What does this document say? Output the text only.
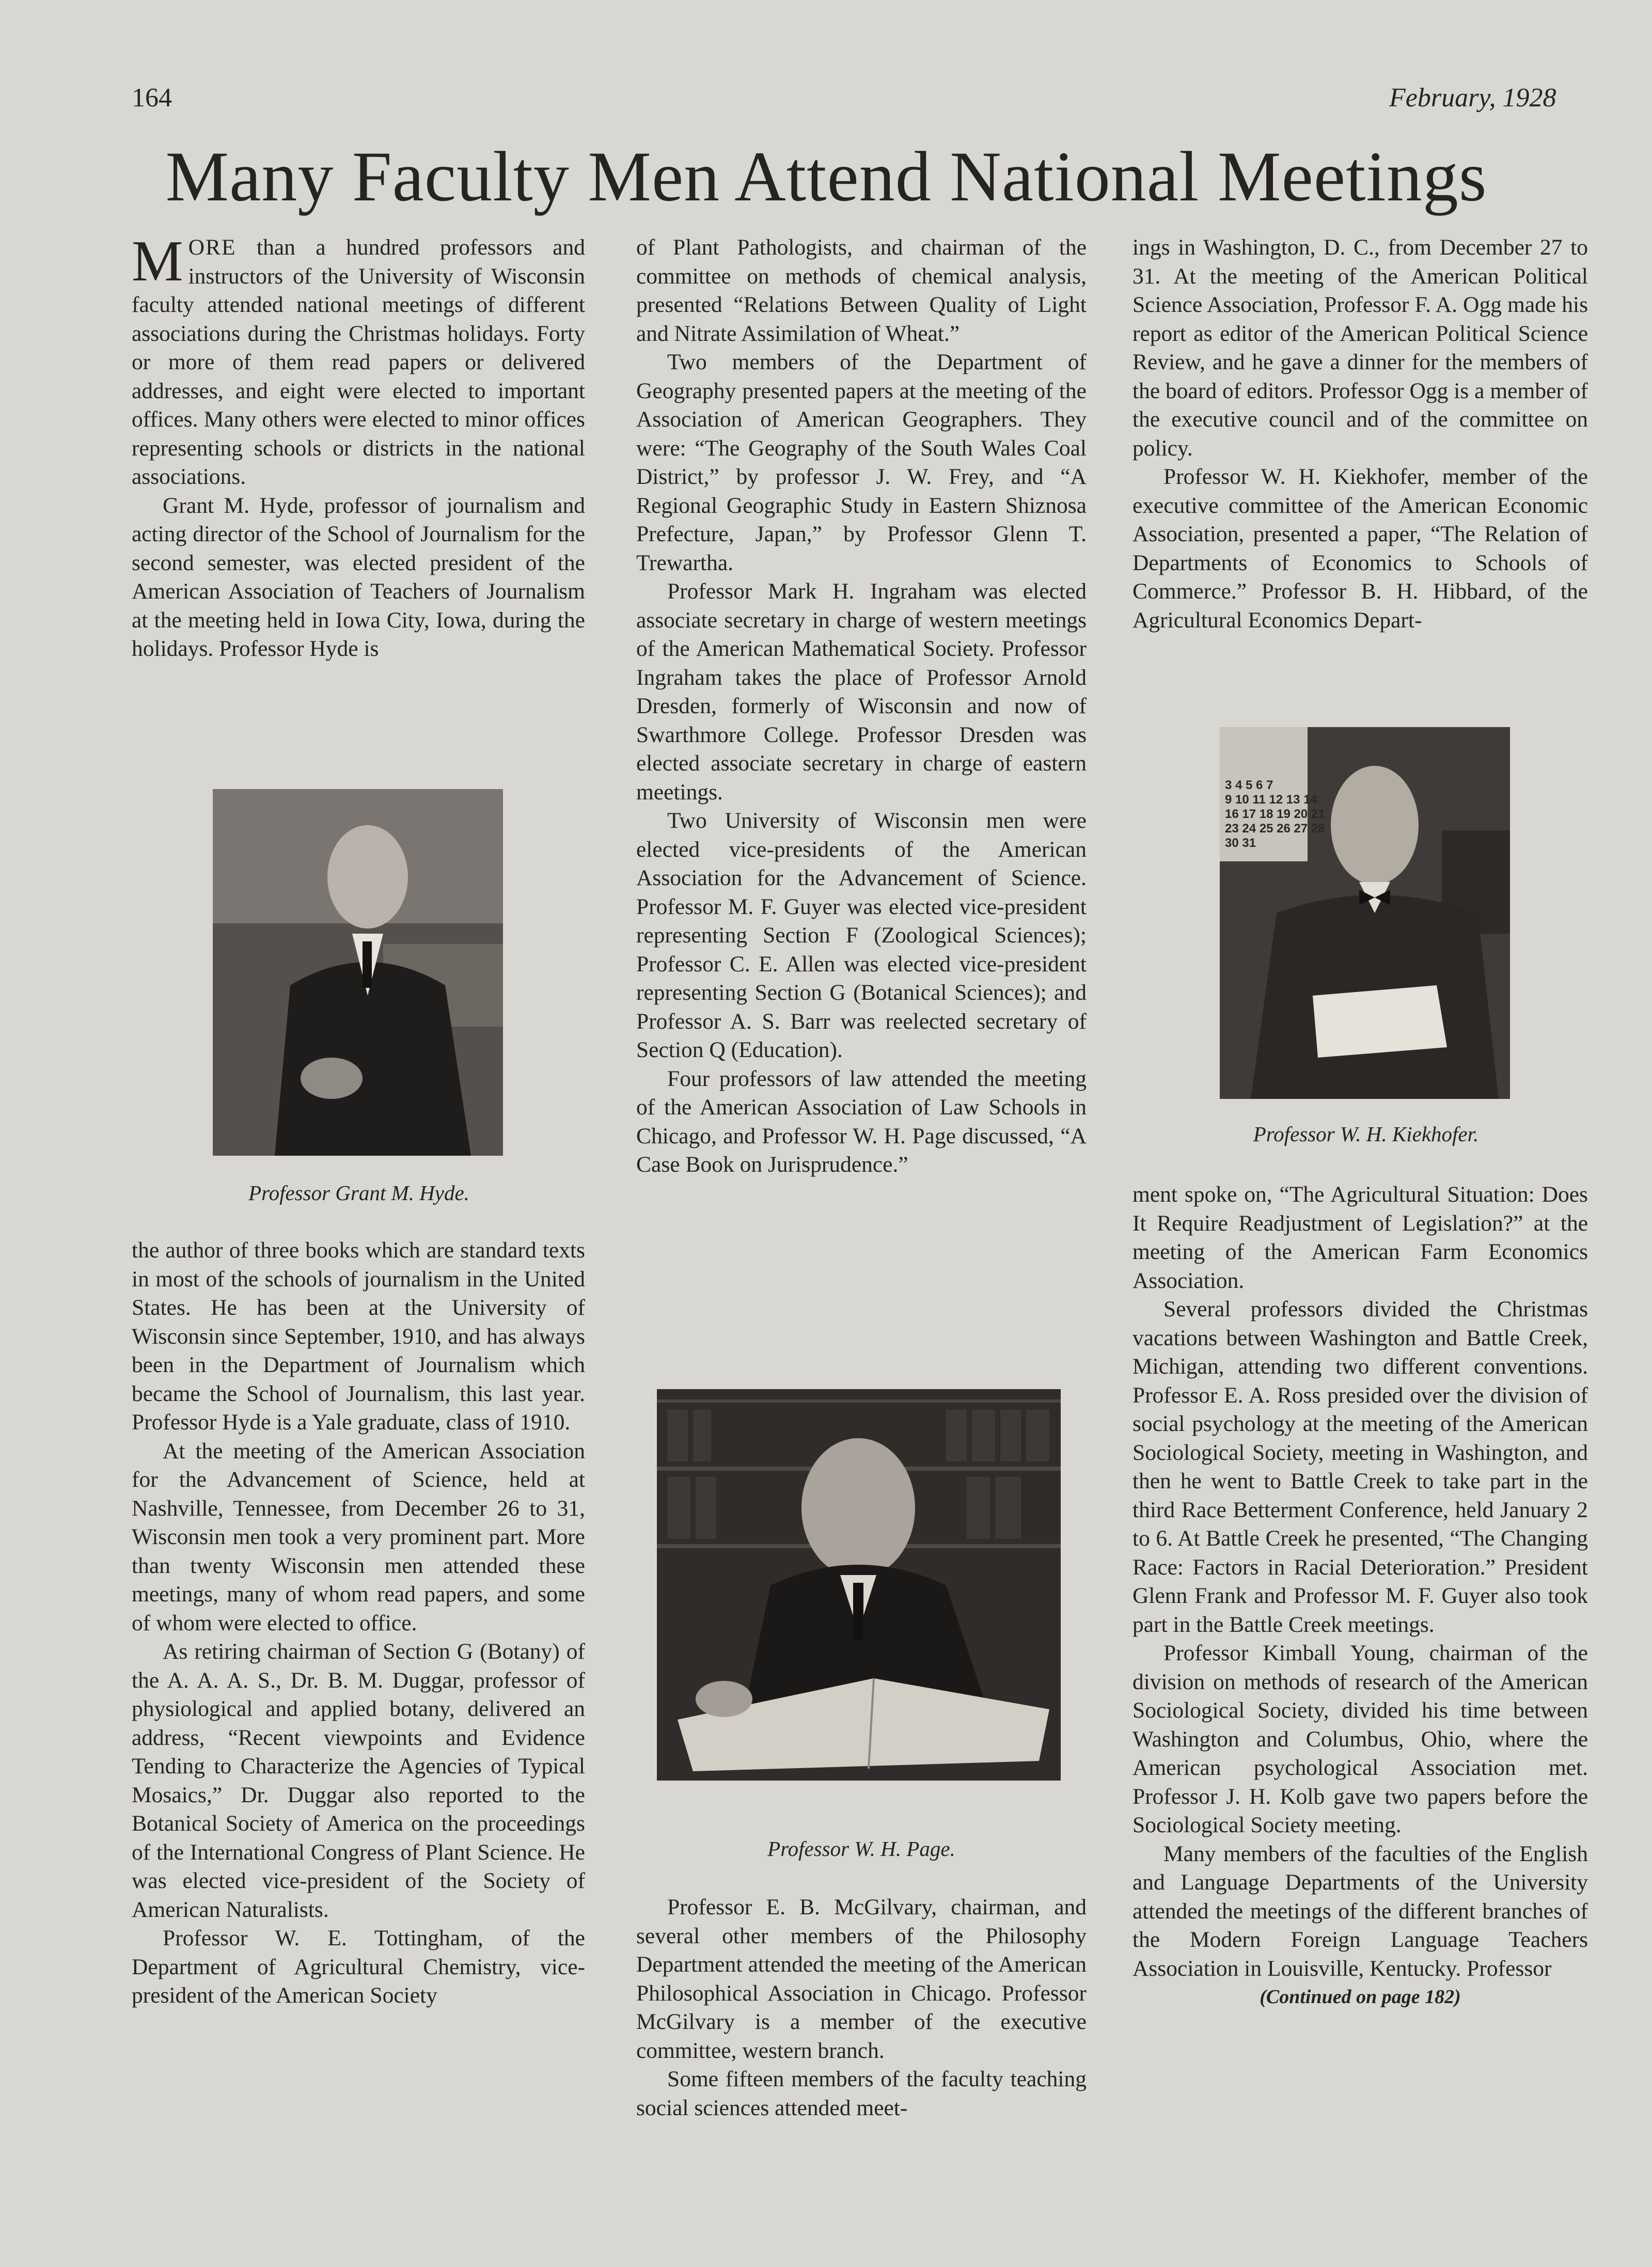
164	February, 1928
Many Faculty Men Attend National Meetings

MORE than a hundred professors and instructors of the University of Wisconsin faculty attended national meetings of different associations during the Christmas holidays. Forty or more of them read papers or delivered addresses, and eight were elected to important offices. Many others were elected to minor offices representing schools or districts in the national associations.

Grant M. Hyde, professor of journalism and acting director of the School of Journalism for the second semester, was elected president of the American Association of Teachers of Journalism at the meeting held in Iowa City, Iowa, during the holidays. Professor Hyde is

Professor Grant M. Hyde.

the author of three books which are standard texts in most of the schools of journalism in the United States. He has been at the University of Wisconsin since September, 1910, and has always been in the Department of Journalism which became the School of Journalism, this last year. Professor Hyde is a Yale graduate, class of 1910.

At the meeting of the American Association for the Advancement of Science, held at Nashville, Tennessee, from December 26 to 31, Wisconsin men took a very prominent part. More than twenty Wisconsin men attended these meetings, many of whom read papers, and some of whom were elected to office.

As retiring chairman of Section G (Botany) of the A. A. A. S., Dr. B. M. Duggar, professor of physiological and applied botany, delivered an address, “Recent viewpoints and Evidence Tending to Characterize the Agencies of Typical Mosaics,” Dr. Duggar also reported to the Botanical Society of America on the proceedings of the International Congress of Plant Science. He was elected vice-president of the Society of American Naturalists.

Professor W. E. Tottingham, of the Department of Agricultural Chemistry, vice-president of the American Society

of Plant Pathologists, and chairman of the committee on methods of chemical analysis, presented “Relations Between Quality of Light and Nitrate Assimilation of Wheat.”

Two members of the Department of Geography presented papers at the meeting of the Association of American Geographers. They were: “The Geography of the South Wales Coal District,” by professor J. W. Frey, and “A Regional Geographic Study in Eastern Shiznosa Prefecture, Japan,” by Professor Glenn T. Trewartha.

Professor Mark H. Ingraham was elected associate secretary in charge of western meetings of the American Mathematical Society. Professor Ingraham takes the place of Professor Arnold Dresden, formerly of Wisconsin and now of Swarthmore College. Professor Dresden was elected associate secretary in charge of eastern meetings.

Two University of Wisconsin men were elected vice-presidents of the American Association for the Advancement of Science. Professor M. F. Guyer was elected vice-president representing Section F (Zoological Sciences); Professor C. E. Allen was elected vice-president representing Section G (Botanical Sciences); and Professor A. S. Barr was reelected secretary of Section Q (Education).

Four professors of law attended the meeting of the American Association of Law Schools in Chicago, and Professor W. H. Page discussed, “A Case Book on Jurisprudence.”

Professor W. H. Page.

Professor E. B. McGilvary, chairman, and several other members of the Philosophy Department attended the meeting of the American Philosophical Association in Chicago. Professor McGilvary is a member of the executive committee, western branch.

Some fifteen members of the faculty teaching social sciences attended meet-

ings in Washington, D. C., from December 27 to 31. At the meeting of the American Political Science Association, Professor F. A. Ogg made his report as editor of the American Political Science Review, and he gave a dinner for the members of the board of editors. Professor Ogg is a member of the executive council and of the committee on policy.

Professor W. H. Kiekhofer, member of the executive committee of the American Economic Association, presented a paper, “The Relation of Departments of Economics to Schools of Commerce.” Professor B. H. Hibbard, of the Agricultural Economics Depart-

3 4 5 6 7
9 10 11 12 13 14
16 17 18 19 20 21
23 24 25 26 27 28
30 31
Professor W. H. Kiekhofer.

ment spoke on, “The Agricultural Situation: Does It Require Readjustment of Legislation?” at the meeting of the American Farm Economics Association.

Several professors divided the Christmas vacations between Washington and Battle Creek, Michigan, attending two different conventions. Professor E. A. Ross presided over the division of social psychology at the meeting of the American Sociological Society, meeting in Washington, and then he went to Battle Creek to take part in the third Race Betterment Conference, held January 2 to 6. At Battle Creek he presented, “The Changing Race: Factors in Racial Deterioration.” President Glenn Frank and Professor M. F. Guyer also took part in the Battle Creek meetings.

Professor Kimball Young, chairman of the division on methods of research of the American Sociological Society, divided his time between Washington and Columbus, Ohio, where the American psychological Association met. Professor J. H. Kolb gave two papers before the Sociological Society meeting.

Many members of the faculties of the English and Language Departments of the University attended the meetings of the different branches of the Modern Foreign Language Teachers Association in Louisville, Kentucky. Professor

(Continued on page 182)
